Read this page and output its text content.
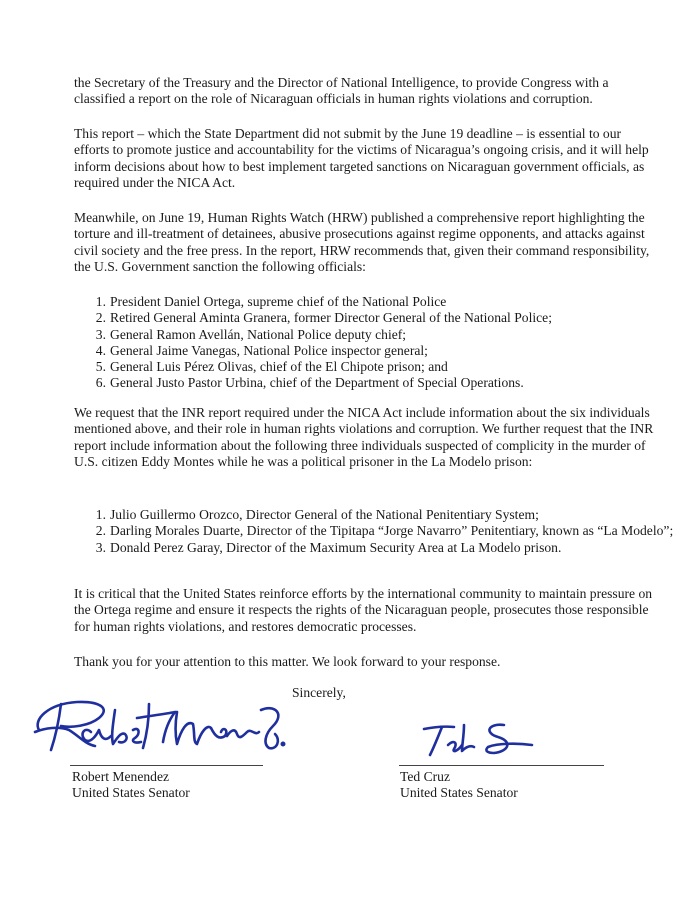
the Secretary of the Treasury and the Director of National Intelligence, to provide Congress with a classified a report on the role of Nicaraguan officials in human rights violations and corruption.

This report – which the State Department did not submit by the June 19 deadline – is essential to our efforts to promote justice and accountability for the victims of Nicaragua’s ongoing crisis, and it will help inform decisions about how to best implement targeted sanctions on Nicaraguan government officials, as required under the NICA Act.

Meanwhile, on June 19, Human Rights Watch (HRW) published a comprehensive report highlighting the torture and ill-treatment of detainees, abusive prosecutions against regime opponents, and attacks against civil society and the free press. In the report, HRW recommends that, given their command responsibility, the U.S. Government sanction the following officials:

1. President Daniel Ortega, supreme chief of the National Police
2. Retired General Aminta Granera, former Director General of the National Police;
3. General Ramon Avellán, National Police deputy chief;
4. General Jaime Vanegas, National Police inspector general;
5. General Luis Pérez Olivas, chief of the El Chipote prison; and
6. General Justo Pastor Urbina, chief of the Department of Special Operations.

We request that the INR report required under the NICA Act include information about the six individuals mentioned above, and their role in human rights violations and corruption. We further request that the INR report include information about the following three individuals suspected of complicity in the murder of U.S. citizen Eddy Montes while he was a political prisoner in the La Modelo prison:

1. Julio Guillermo Orozco, Director General of the National Penitentiary System;
2. Darling Morales Duarte, Director of the Tipitapa “Jorge Navarro” Penitentiary, known as “La Modelo”;
3. Donald Perez Garay, Director of the Maximum Security Area at La Modelo prison.

It is critical that the United States reinforce efforts by the international community to maintain pressure on the Ortega regime and ensure it respects the rights of the Nicaraguan people, prosecutes those responsible for human rights violations, and restores democratic processes.

Thank you for your attention to this matter. We look forward to your response.

Sincerely,

Robert Menendez
United States Senator

Ted Cruz
United States Senator
